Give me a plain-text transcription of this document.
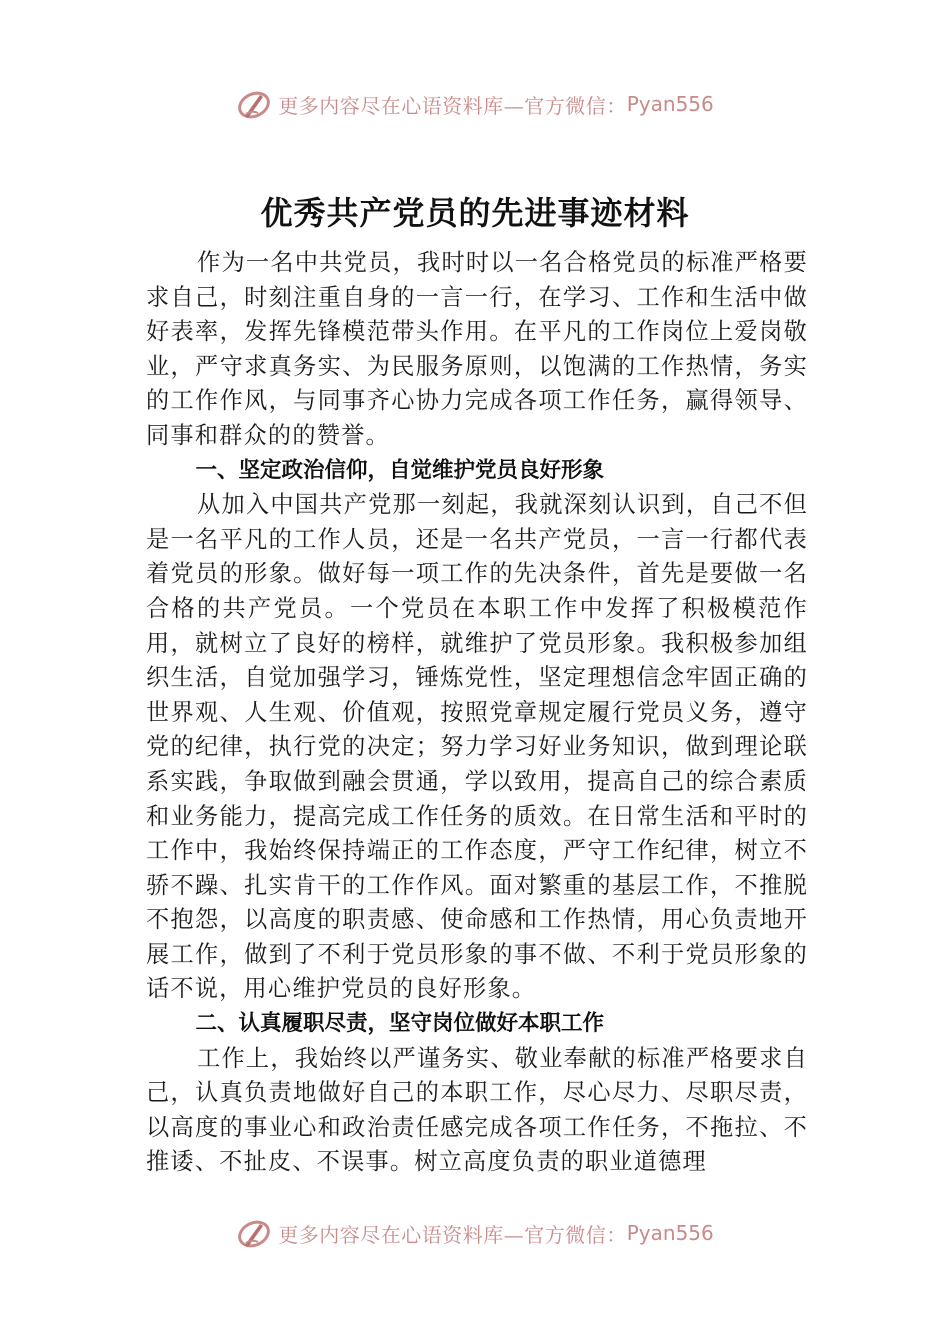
更多内容尽在心语资料库—官方微信： Pyan556
优秀共产党员的先进事迹材料

作为一名中共党员，我时时以一名合格党员的标准严格要求自己，时刻注重自身的一言一行，在学习、工作和生活中做好表率，发挥先锋模范带头作用。在平凡的工作岗位上爱岗敬业，严守求真务实、为民服务原则，以饱满的工作热情，务实的工作作风，与同事齐心协力完成各项工作任务，赢得领导、同事和群众的的赞誉。

一、坚定政治信仰，自觉维护党员良好形象

从加入中国共产党那一刻起，我就深刻认识到，自己不但是一名平凡的工作人员，还是一名共产党员，一言一行都代表着党员的形象。做好每一项工作的先决条件，首先是要做一名合格的共产党员。一个党员在本职工作中发挥了积极模范作用，就树立了良好的榜样，就维护了党员形象。我积极参加组织生活，自觉加强学习，锤炼党性，坚定理想信念牢固正确的世界观、人生观、价值观，按照党章规定履行党员义务，遵守党的纪律，执行党的决定；努力学习好业务知识，做到理论联系实践，争取做到融会贯通，学以致用，提高自己的综合素质和业务能力，提高完成工作任务的质效。在日常生活和平时的工作中，我始终保持端正的工作态度，严守工作纪律，树立不骄不躁、扎实肯干的工作作风。面对繁重的基层工作，不推脱不抱怨，以高度的职责感、使命感和工作热情，用心负责地开展工作，做到了不利于党员形象的事不做、不利于党员形象的话不说，用心维护党员的良好形象。

二、认真履职尽责，坚守岗位做好本职工作

工作上，我始终以严谨务实、敬业奉献的标准严格要求自己，认真负责地做好自己的本职工作，尽心尽力、尽职尽责，以高度的事业心和政治责任感完成各项工作任务，不拖拉、不推诿、不扯皮、不误事。树立高度负责的职业道德理

更多内容尽在心语资料库—官方微信： Pyan556
